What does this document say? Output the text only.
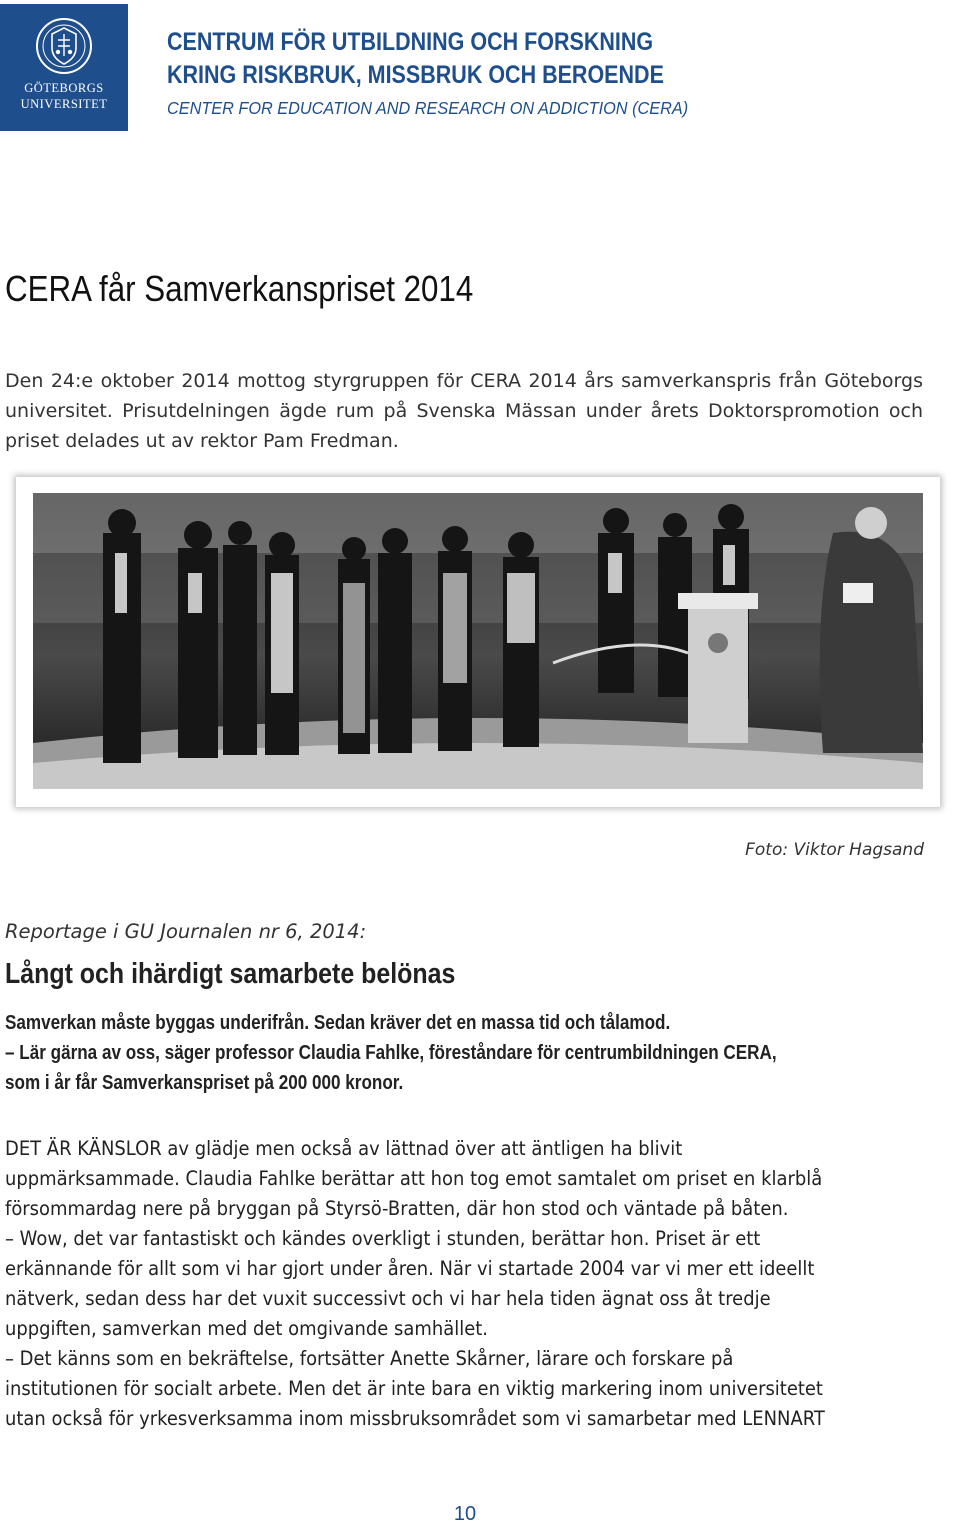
GÖTEBORGS
UNIVERSITET
CENTRUM FÖR UTBILDNING OCH FORSKNING
KRING RISKBRUK, MISSBRUK OCH BEROENDE
CENTER FOR EDUCATION AND RESEARCH ON ADDICTION (CERA)
CERA får Samverkanspriset 2014

Den 24:e oktober 2014 mottog styrgruppen för CERA 2014 års samverkanspris från Göteborgs universitet. Prisutdelningen ägde rum på Svenska Mässan under årets Doktorspromotion och priset delades ut av rektor Pam Fredman.

Foto: Viktor Hagsand
Reportage i GU Journalen nr 6, 2014:
Långt och ihärdigt samarbete belönas

Samverkan måste byggas underifrån. Sedan kräver det en massa tid och tålamod.

– Lär gärna av oss, säger professor Claudia Fahlke, föreståndare för centrumbildningen CERA,

som i år får Samverkanspriset på 200 000 kronor.

DET ÄR KÄNSLOR av glädje men också av lättnad över att äntligen ha blivit

uppmärksammade. Claudia Fahlke berättar att hon tog emot samtalet om priset en klarblå

försommardag nere på bryggan på Styrsö-Bratten, där hon stod och väntade på båten.

– Wow, det var fantastiskt och kändes overkligt i stunden, berättar hon. Priset är ett

erkännande för allt som vi har gjort under åren. När vi startade 2004 var vi mer ett ideellt

nätverk, sedan dess har det vuxit successivt och vi har hela tiden ägnat oss åt tredje

uppgiften, samverkan med det omgivande samhället.

– Det känns som en bekräftelse, fortsätter Anette Skårner, lärare och forskare på

institutionen för socialt arbete. Men det är inte bara en viktig markering inom universitetet

utan också för yrkesverksamma inom missbruksområdet som vi samarbetar med LENNART

10
